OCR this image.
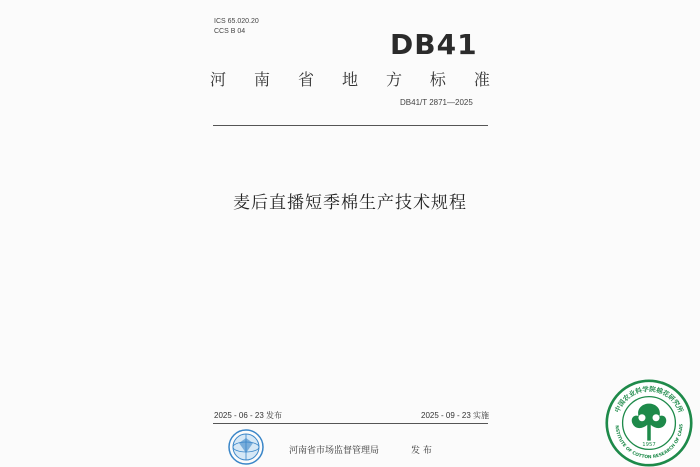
ICS 65.020.20
CCS B 04	DB41
河 南 省 地 方 标 准
DB41/T 2871—2025
麦后直播短季棉生产技术规程
2025 - 06 - 23 发布	2025 - 09 - 23 实施
河南省市场监督管理局	发 布
中国农业科学院棉花研究所
NSTITUTE OF COTTON RESEARCH OF CAAS
1957
